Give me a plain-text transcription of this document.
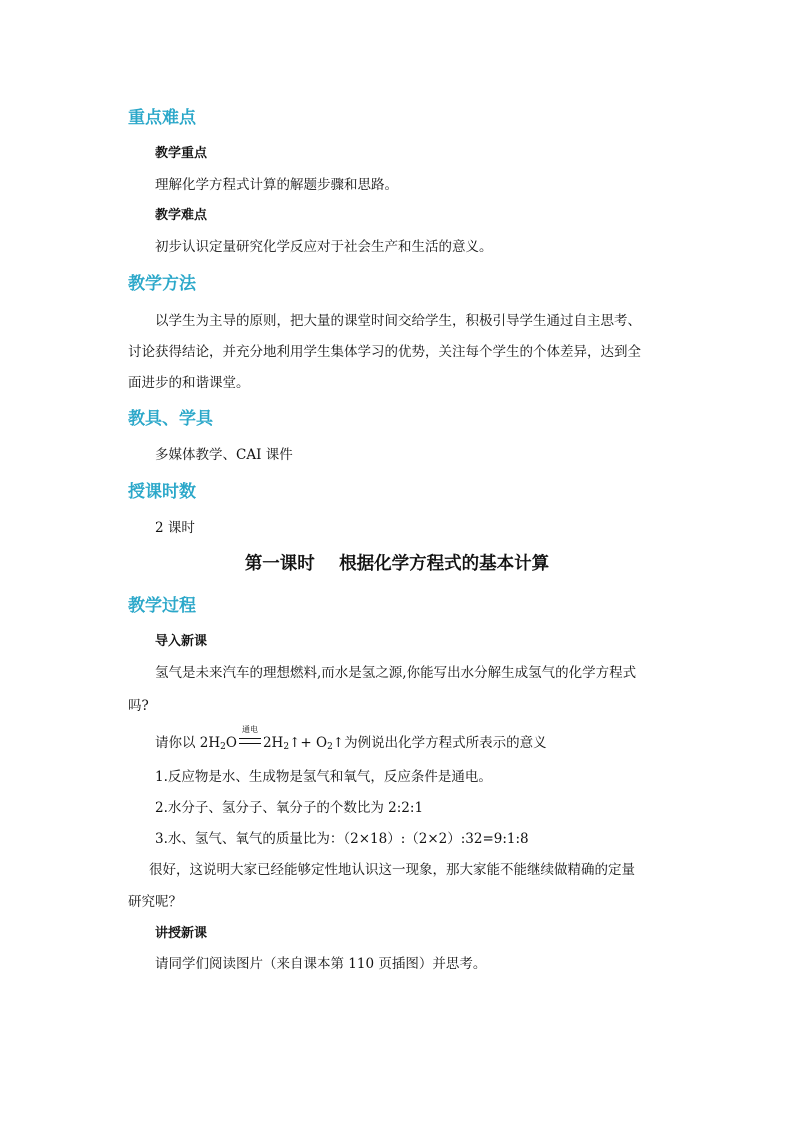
重点难点
教学重点
理解化学方程式计算的解题步骤和思路。
教学难点
初步认识定量研究化学反应对于社会生产和生活的意义。
教学方法
以学生为主导的原则，把大量的课堂时间交给学生，积极引导学生通过自主思考、
讨论获得结论，并充分地利用学生集体学习的优势，关注每个学生的个体差异，达到全
面进步的和谐课堂。
教具、学具
多媒体教学、CAI 课件
授课时数
2 课时
第一课时    根据化学方程式的基本计算
教学过程
导入新课
氢气是未来汽车的理想燃料,而水是氢之源,你能写出水分解生成氢气的化学方程式
吗?
请你以 $2H_2O$
通电
$2H_2↑+$ $O_2↑$为例说出化学方程式所表示的意义
1.反应物是水、生成物是氢气和氧气，反应条件是通电。
2.水分子、氢分子、氧分子的个数比为 2:2:1
3.水、氢气、氧气的质量比为：（2×18）:（2×2）:32=9:1:8
很好，这说明大家已经能够定性地认识这一现象，那大家能不能继续做精确的定量
研究呢？
讲授新课
请同学们阅读图片（来自课本第 110 页插图）并思考。
